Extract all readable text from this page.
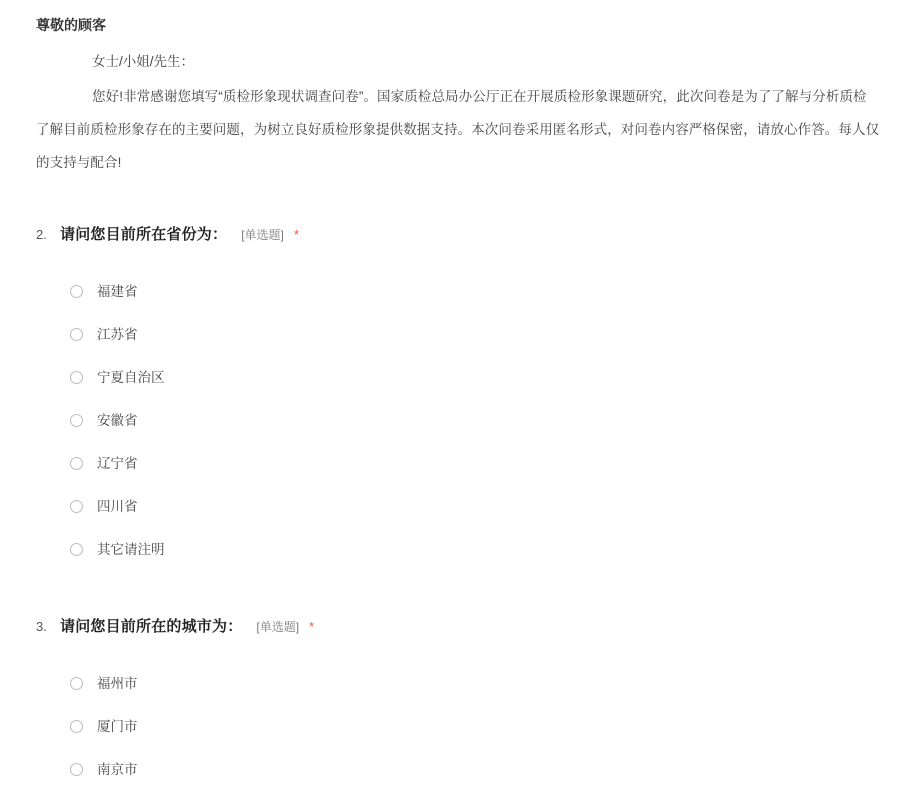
尊敬的顾客

女士/小姐/先生：

您好!非常感谢您填写“质检形象现状调查问卷”。国家质检总局办公厅正在开展质检形象课题研究，此次问卷是为了了解与分析质检
了解目前质检形象存在的主要问题，为树立良好质检形象提供数据支持。本次问卷采用匿名形式，对问卷内容严格保密，请放心作答。每人仅
的支持与配合!

2. 请问您目前所在省份为： [单选题] *
福建省
江苏省
宁夏自治区
安徽省
辽宁省
四川省
其它请注明
3. 请问您目前所在的城市为： [单选题] *
福州市
厦门市
南京市
